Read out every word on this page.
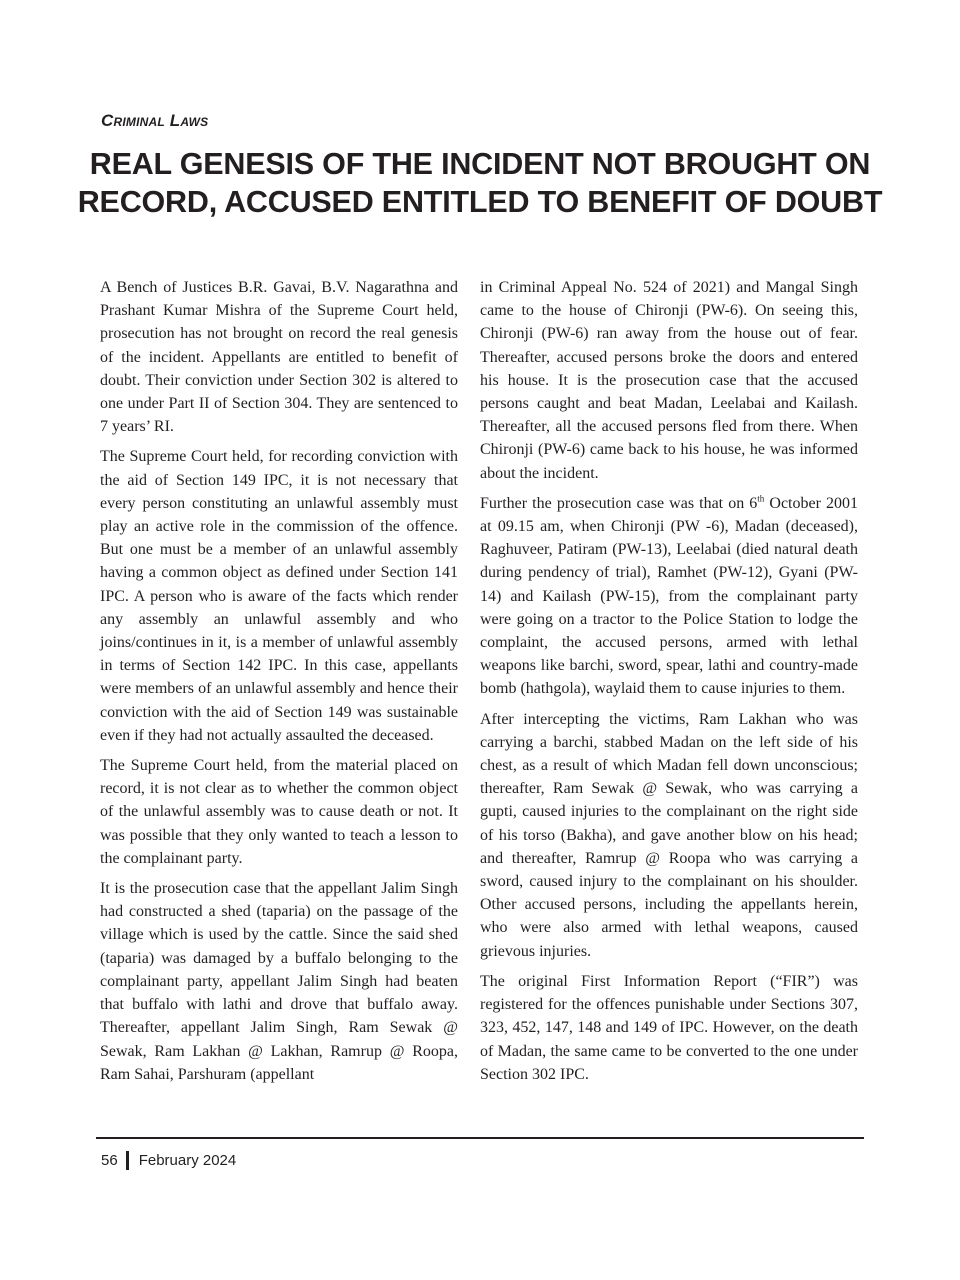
Criminal Laws
REAL GENESIS OF THE INCIDENT NOT BROUGHT ON RECORD, ACCUSED ENTITLED TO BENEFIT OF DOUBT

A Bench of Justices B.R. Gavai, B.V. Nagarathna and Prashant Kumar Mishra of the Supreme Court held, prosecution has not brought on record the real genesis of the incident. Appellants are entitled to benefit of doubt. Their conviction under Section 302 is altered to one under Part II of Section 304. They are sentenced to 7 years’ RI.

The Supreme Court held, for recording conviction with the aid of Section 149 IPC, it is not necessary that every person constituting an unlawful assembly must play an active role in the commission of the offence. But one must be a member of an unlawful assembly having a common object as defined under Section 141 IPC. A person who is aware of the facts which render any assembly an unlawful assembly and who joins/continues in it, is a member of unlawful assembly in terms of Section 142 IPC. In this case, appellants were members of an unlawful assembly and hence their conviction with the aid of Section 149 was sustainable even if they had not actually assaulted the deceased.

The Supreme Court held, from the material placed on record, it is not clear as to whether the common object of the unlawful assembly was to cause death or not. It was possible that they only wanted to teach a lesson to the complainant party.

It is the prosecution case that the appellant Jalim Singh had constructed a shed (taparia) on the passage of the village which is used by the cattle. Since the said shed (taparia) was damaged by a buffalo belonging to the complainant party, appellant Jalim Singh had beaten that buffalo with lathi and drove that buffalo away. Thereafter, appellant Jalim Singh, Ram Sewak @ Sewak, Ram Lakhan @ Lakhan, Ramrup @ Roopa, Ram Sahai, Parshuram (appellant

in Criminal Appeal No. 524 of 2021) and Mangal Singh came to the house of Chironji (PW-6). On seeing this, Chironji (PW-6) ran away from the house out of fear. Thereafter, accused persons broke the doors and entered his house. It is the prosecution case that the accused persons caught and beat Madan, Leelabai and Kailash. Thereafter, all the accused persons fled from there. When Chironji (PW-6) came back to his house, he was informed about the incident.

Further the prosecution case was that on 6th October 2001 at 09.15 am, when Chironji (PW -6), Madan (deceased), Raghuveer, Patiram (PW-13), Leelabai (died natural death during pendency of trial), Ramhet (PW-12), Gyani (PW-14) and Kailash (PW-15), from the complainant party were going on a tractor to the Police Station to lodge the complaint, the accused persons, armed with lethal weapons like barchi, sword, spear, lathi and country-made bomb (hathgola), waylaid them to cause injuries to them.

After intercepting the victims, Ram Lakhan who was carrying a barchi, stabbed Madan on the left side of his chest, as a result of which Madan fell down unconscious; thereafter, Ram Sewak @ Sewak, who was carrying a gupti, caused injuries to the complainant on the right side of his torso (Bakha), and gave another blow on his head; and thereafter, Ramrup @ Roopa who was carrying a sword, caused injury to the complainant on his shoulder. Other accused persons, including the appellants herein, who were also armed with lethal weapons, caused grievous injuries.

The original First Information Report (“FIR”) was registered for the offences punishable under Sections 307, 323, 452, 147, 148 and 149 of IPC. However, on the death of Madan, the same came to be converted to the one under Section 302 IPC.

56 February 2024
